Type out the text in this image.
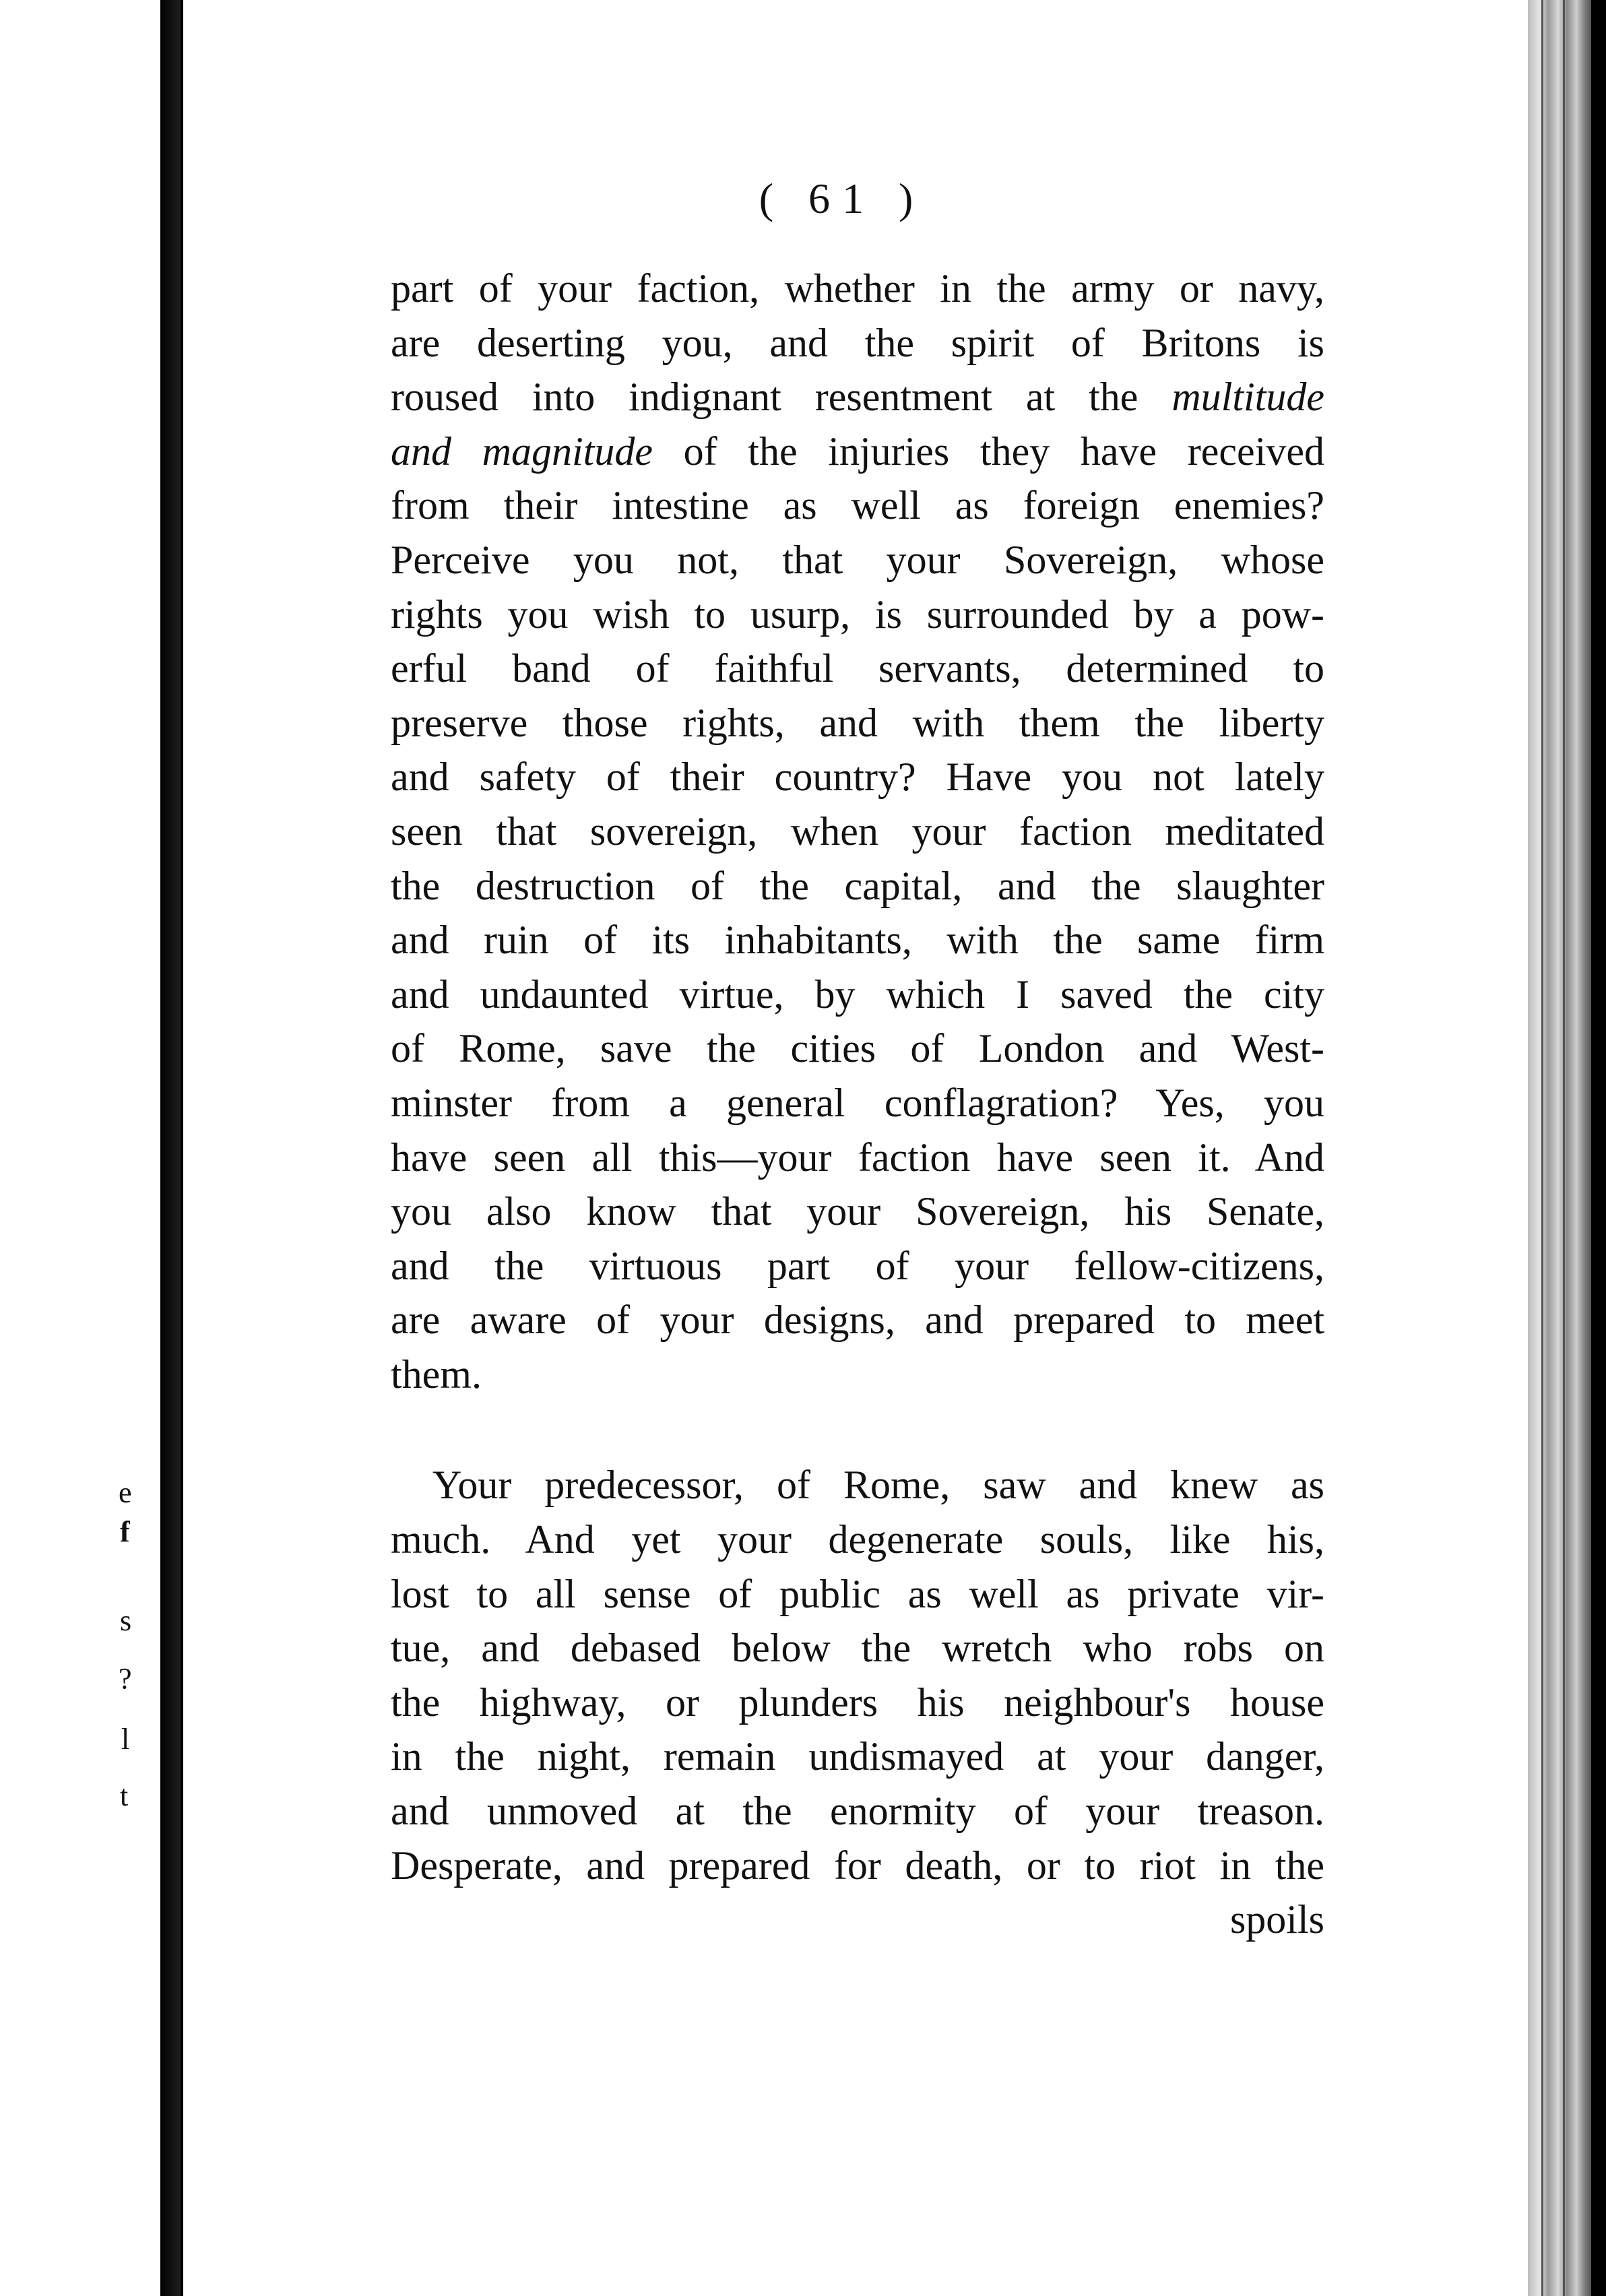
e
f
s
?
l
t
( 61 )
part of your faction, whether in the army or navy,
are deserting you, and the spirit of Britons is
roused into indignant resentment at the multitude
and magnitude of the injuries they have received
from their intestine as well as foreign enemies?
Perceive you not, that your Sovereign, whose
rights you wish to usurp, is surrounded by a pow-
erful band of faithful servants, determined to
preserve those rights, and with them the liberty
and safety of their country? Have you not lately
seen that sovereign, when your faction meditated
the destruction of the capital, and the slaughter
and ruin of its inhabitants, with the same firm
and undaunted virtue, by which I saved the city
of Rome, save the cities of London and West-
minster from a general conflagration? Yes, you
have seen all this—your faction have seen it. And
you also know that your Sovereign, his Senate,
and the virtuous part of your fellow-citizens,
are aware of your designs, and prepared to meet
them.
Your predecessor, of Rome, saw and knew as
much. And yet your degenerate souls, like his,
lost to all sense of public as well as private vir-
tue, and debased below the wretch who robs on
the highway, or plunders his neighbour's house
in the night, remain undismayed at your danger,
and unmoved at the enormity of your treason.
Desperate, and prepared for death, or to riot in the
spoils
